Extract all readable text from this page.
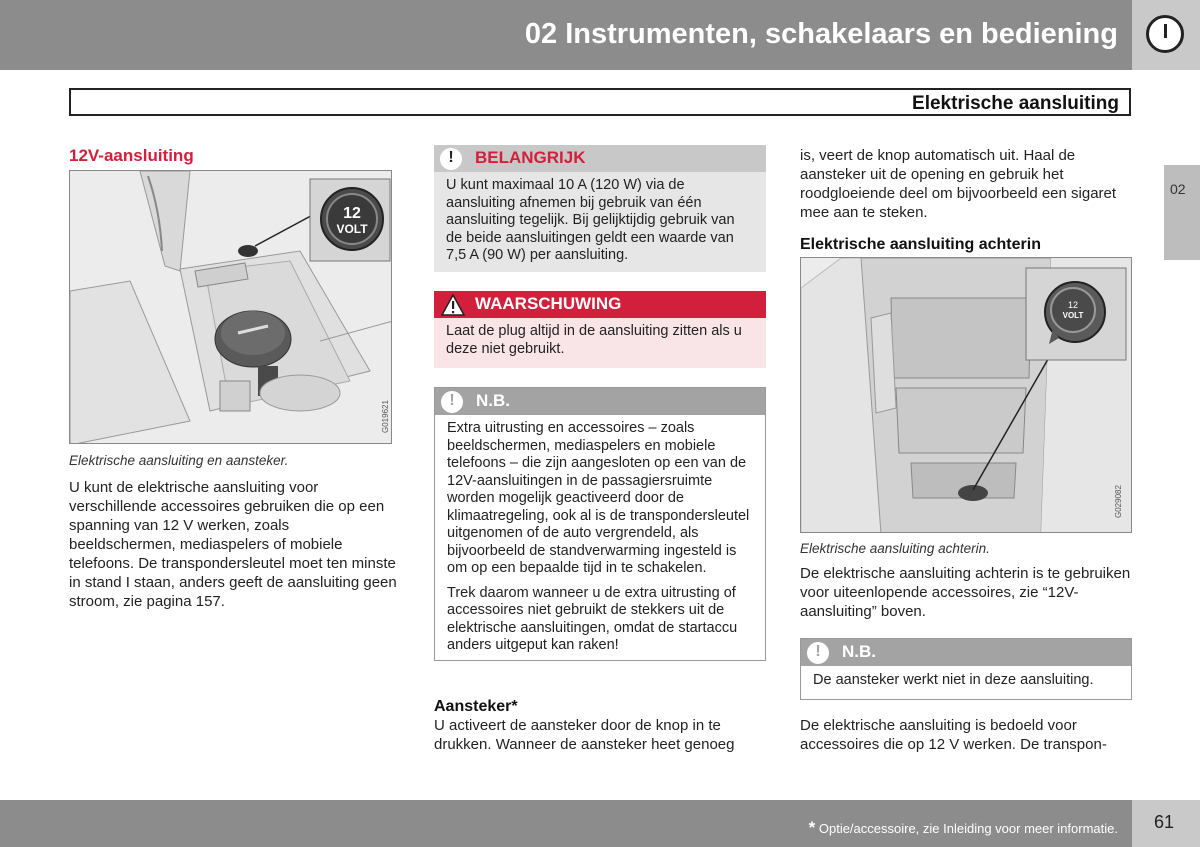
02 Instrumenten, schakelaars en bediening
Elektrische aansluiting
02
12V-aansluiting
12
VOLT
G019621

Elektrische aansluiting en aansteker.

U kunt de elektrische aansluiting voor verschillende accessoires gebruiken die op een spanning van 12 V werken, zoals beeldschermen, mediaspelers of mobiele telefoons. De transpondersleutel moet ten minste in stand I staan, anders geeft de aansluiting geen stroom, zie pagina 157.

!	BELANGRIJK
U kunt maximaal 10 A (120 W) via de aansluiting afnemen bij gebruik van één aansluiting tegelijk. Bij gelijktijdig gebruik van de beide aansluitingen geldt een waarde van 7,5 A (90 W) per aansluiting.
WAARSCHUWING
Laat de plug altijd in de aansluiting zitten als u deze niet gebruikt.
!	N.B.

Extra uitrusting en accessoires – zoals beeldschermen, mediaspelers en mobiele telefoons – die zijn aangesloten op een van de 12V-aansluitingen in de passagiersruimte worden mogelijk geactiveerd door de klimaatregeling, ook al is de transpondersleutel uitgenomen of de auto vergrendeld, als bijvoorbeeld de standverwarming ingesteld is om op een bepaalde tijd in te schakelen.

Trek daarom wanneer u de extra uitrusting of accessoires niet gebruikt de stekkers uit de elektrische aansluitingen, omdat de startaccu anders uitgeput kan raken!

Aansteker*

U activeert de aansteker door de knop in te drukken. Wanneer de aansteker heet genoeg

is, veert de knop automatisch uit. Haal de aansteker uit de opening en gebruik het roodgloeiende deel om bijvoorbeeld een sigaret mee aan te steken.

Elektrische aansluiting achterin
12
VOLT
G029082

Elektrische aansluiting achterin.

De elektrische aansluiting achterin is te gebruiken voor uiteenlopende accessoires, zie “12V-aansluiting” boven.

!	N.B.
De aansteker werkt niet in deze aansluiting.

De elektrische aansluiting is bedoeld voor accessoires die op 12 V werken. De transpon-

* Optie/accessoire, zie Inleiding voor meer informatie. 61
